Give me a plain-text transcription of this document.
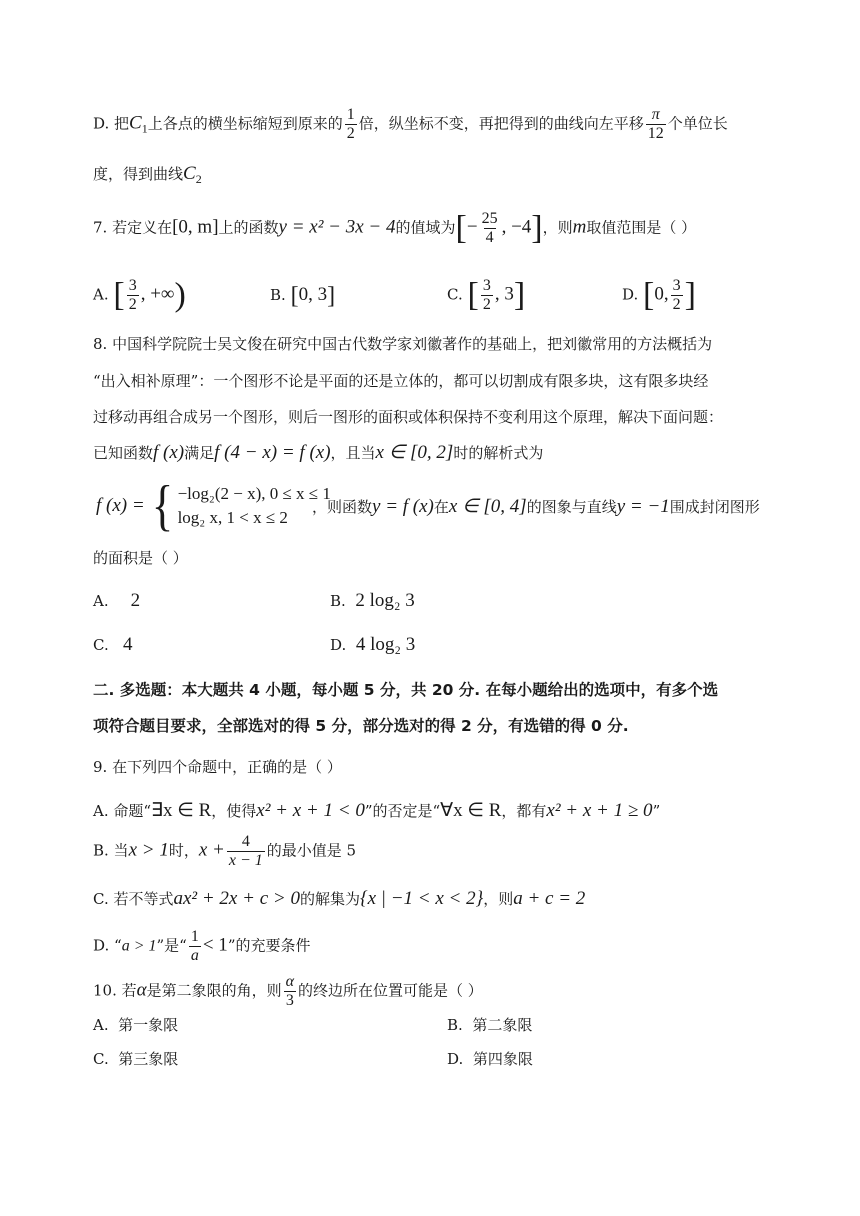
D. 把$C_1$上各点的横坐标缩短到原来的 $\frac{1}{2}$ 倍，纵坐标不变，再把得到的曲线向左平移 $\frac{\pi}{12}$ 个单位长
度，得到曲线$C_2$
7. 若定义在[0, m]上的函数y = x² − 3x − 4的值域为[− $\frac{25}{4}$ , −4]，则m取值范围是（ ）
A. [ $\frac{3}{2}$ , +∞)	B. [0, 3]	C. [ $\frac{3}{2}$ , 3]	D. [0, $\frac{3}{2}$ ]
8. 中国科学院院士吴文俊在研究中国古代数学家刘徽著作的基础上，把刘徽常用的方法概括为
“出入相补原理”：一个图形不论是平面的还是立体的，都可以切割成有限多块，这有限多块经
过移动再组合成另一个图形，则后一图形的面积或体积保持不变利用这个原理，解决下面问题：
已知函数f (x)满足f (4 − x) = f (x)，且当x ∈ [0, 2]时的解析式为
f (x) = { −log₂(2 − x), 0 ≤ x ≤ 1
log₂ x, 1 < x ≤ 2
，则函数y = f (x)在x ∈ [0, 4]的图象与直线y = −1围成封闭图形
的面积是（ ）
A. 2	B. 2 log₂ 3
C. 4	D. 4 log₂ 3
二. 多选题：本大题共 4 小题，每小题 5 分，共 20 分. 在每小题给出的选项中，有多个选
项符合题目要求，全部选对的得 5 分，部分选对的得 2 分，有选错的得 0 分.
9. 在下列四个命题中，正确的是（ ）
A. 命题“∃x ∈ R，使得x² + x + 1 < 0”的否定是“∀x ∈ R，都有x² + x + 1 ≥ 0”
B. 当x > 1时，$x + \frac{4}{x - 1}$ 的最小值是 5
C. 若不等式ax² + 2x + c > 0的解集为{x | −1 < x < 2}，则a + c = 2
D. “a > 1”是“ $\frac{1}{a} < 1$”的充要条件
10. 若α是第二象限的角，则 $\frac{\alpha}{3}$ 的终边所在位置可能是（ ）
A. 第一象限	B. 第二象限
C. 第三象限	D. 第四象限
